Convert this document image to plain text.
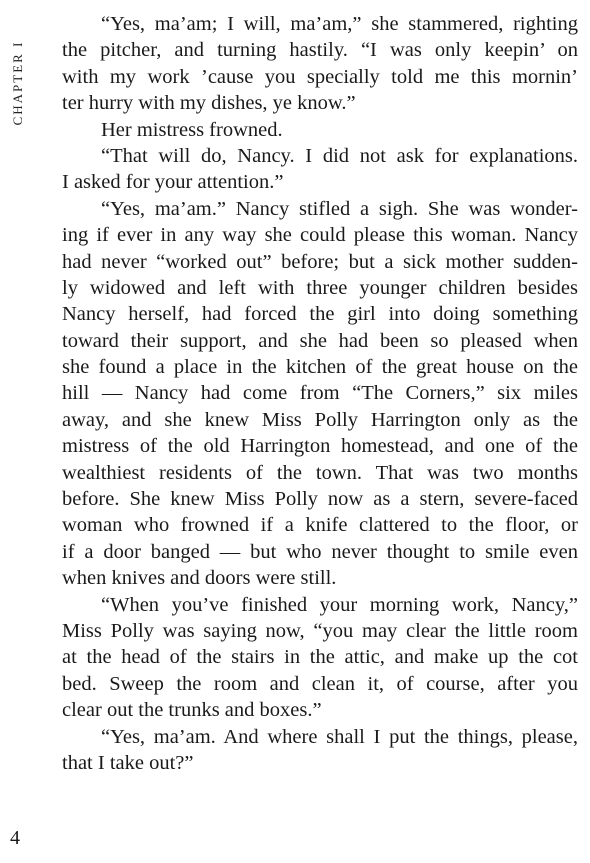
CHAPTER I
“Yes, ma’am; I will, ma’am,” she stammered, righting
the pitcher, and turning hastily. “I was only keepin’ on
with my work ’cause you specially told me this mornin’
ter hurry with my dishes, ye know.”
Her mistress frowned.
“That will do, Nancy. I did not ask for explanations.
I asked for your attention.”
“Yes, ma’am.” Nancy stifled a sigh. She was wonder-
ing if ever in any way she could please this woman. Nancy
had never “worked out” before; but a sick mother sudden-
ly widowed and left with three younger children besides
Nancy herself, had forced the girl into doing something
toward their support, and she had been so pleased when
she found a place in the kitchen of the great house on the
hill — Nancy had come from “The Corners,” six miles
away, and she knew Miss Polly Harrington only as the
mistress of the old Harrington homestead, and one of the
wealthiest residents of the town. That was two months
before. She knew Miss Polly now as a stern, severe-faced
woman who frowned if a knife clattered to the floor, or
if a door banged — but who never thought to smile even
when knives and doors were still.
“When you’ve finished your morning work, Nancy,”
Miss Polly was saying now, “you may clear the little room
at the head of the stairs in the attic, and make up the cot
bed. Sweep the room and clean it, of course, after you
clear out the trunks and boxes.”
“Yes, ma’am. And where shall I put the things, please,
that I take out?”
4
